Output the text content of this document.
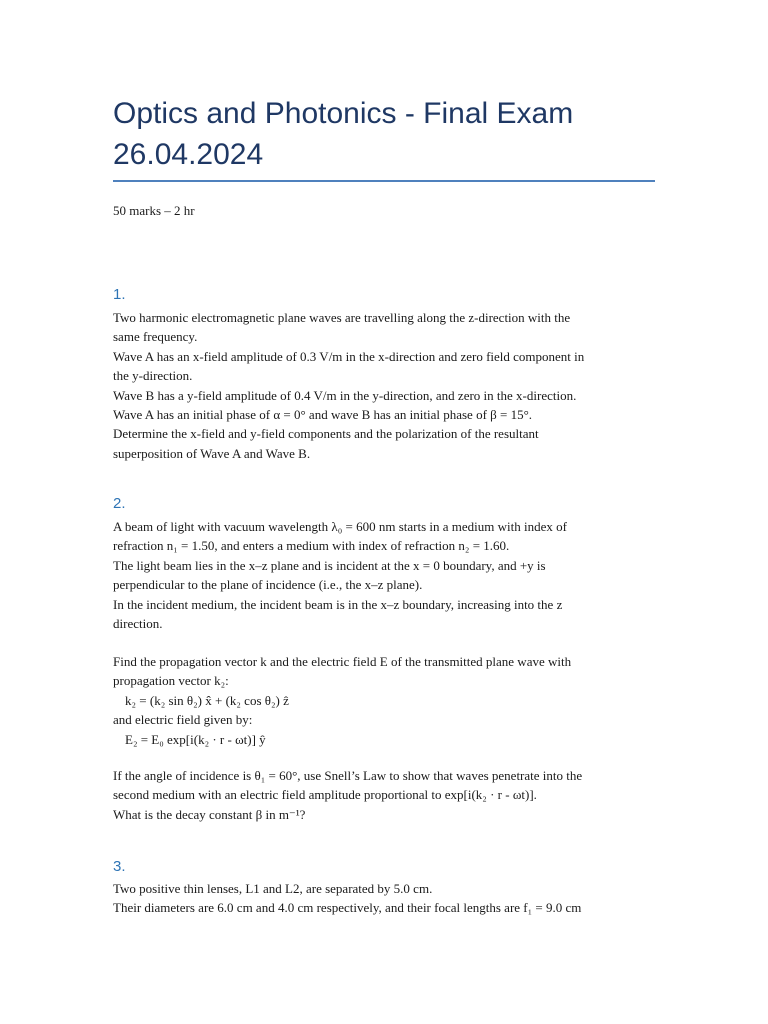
Optics and Photonics - Final Exam
26.04.2024
50 marks – 2 hr
1.
Two harmonic electromagnetic plane waves are travelling along the z-direction with the
same frequency.
Wave A has an x-field amplitude of 0.3 V/m in the x-direction and zero field component in
the y-direction.
Wave B has a y-field amplitude of 0.4 V/m in the y-direction, and zero in the x-direction.
Wave A has an initial phase of α = 0° and wave B has an initial phase of β = 15°.
Determine the x-field and y-field components and the polarization of the resultant
superposition of Wave A and Wave B.
2.
A beam of light with vacuum wavelength λ₀ = 600 nm starts in a medium with index of
refraction n₁ = 1.50, and enters a medium with index of refraction n₂ = 1.60.
The light beam lies in the x–z plane and is incident at the x = 0 boundary, and +y is
perpendicular to the plane of incidence (i.e., the x–z plane).
In the incident medium, the incident beam is in the x–z boundary, increasing into the z
direction.
Find the propagation vector k and the electric field E of the transmitted plane wave with
propagation vector k₂:
k₂ = (k₂ sin θ₂) x̂ + (k₂ cos θ₂) ẑ
and electric field given by:
E₂ = E₀ exp[i(k₂ · r - ωt)] ŷ
If the angle of incidence is θ₁ = 60°, use Snell’s Law to show that waves penetrate into the
second medium with an electric field amplitude proportional to exp[i(k₂ · r - ωt)].
What is the decay constant β in m⁻¹?
3.
Two positive thin lenses, L1 and L2, are separated by 5.0 cm.
Their diameters are 6.0 cm and 4.0 cm respectively, and their focal lengths are f₁ = 9.0 cm
